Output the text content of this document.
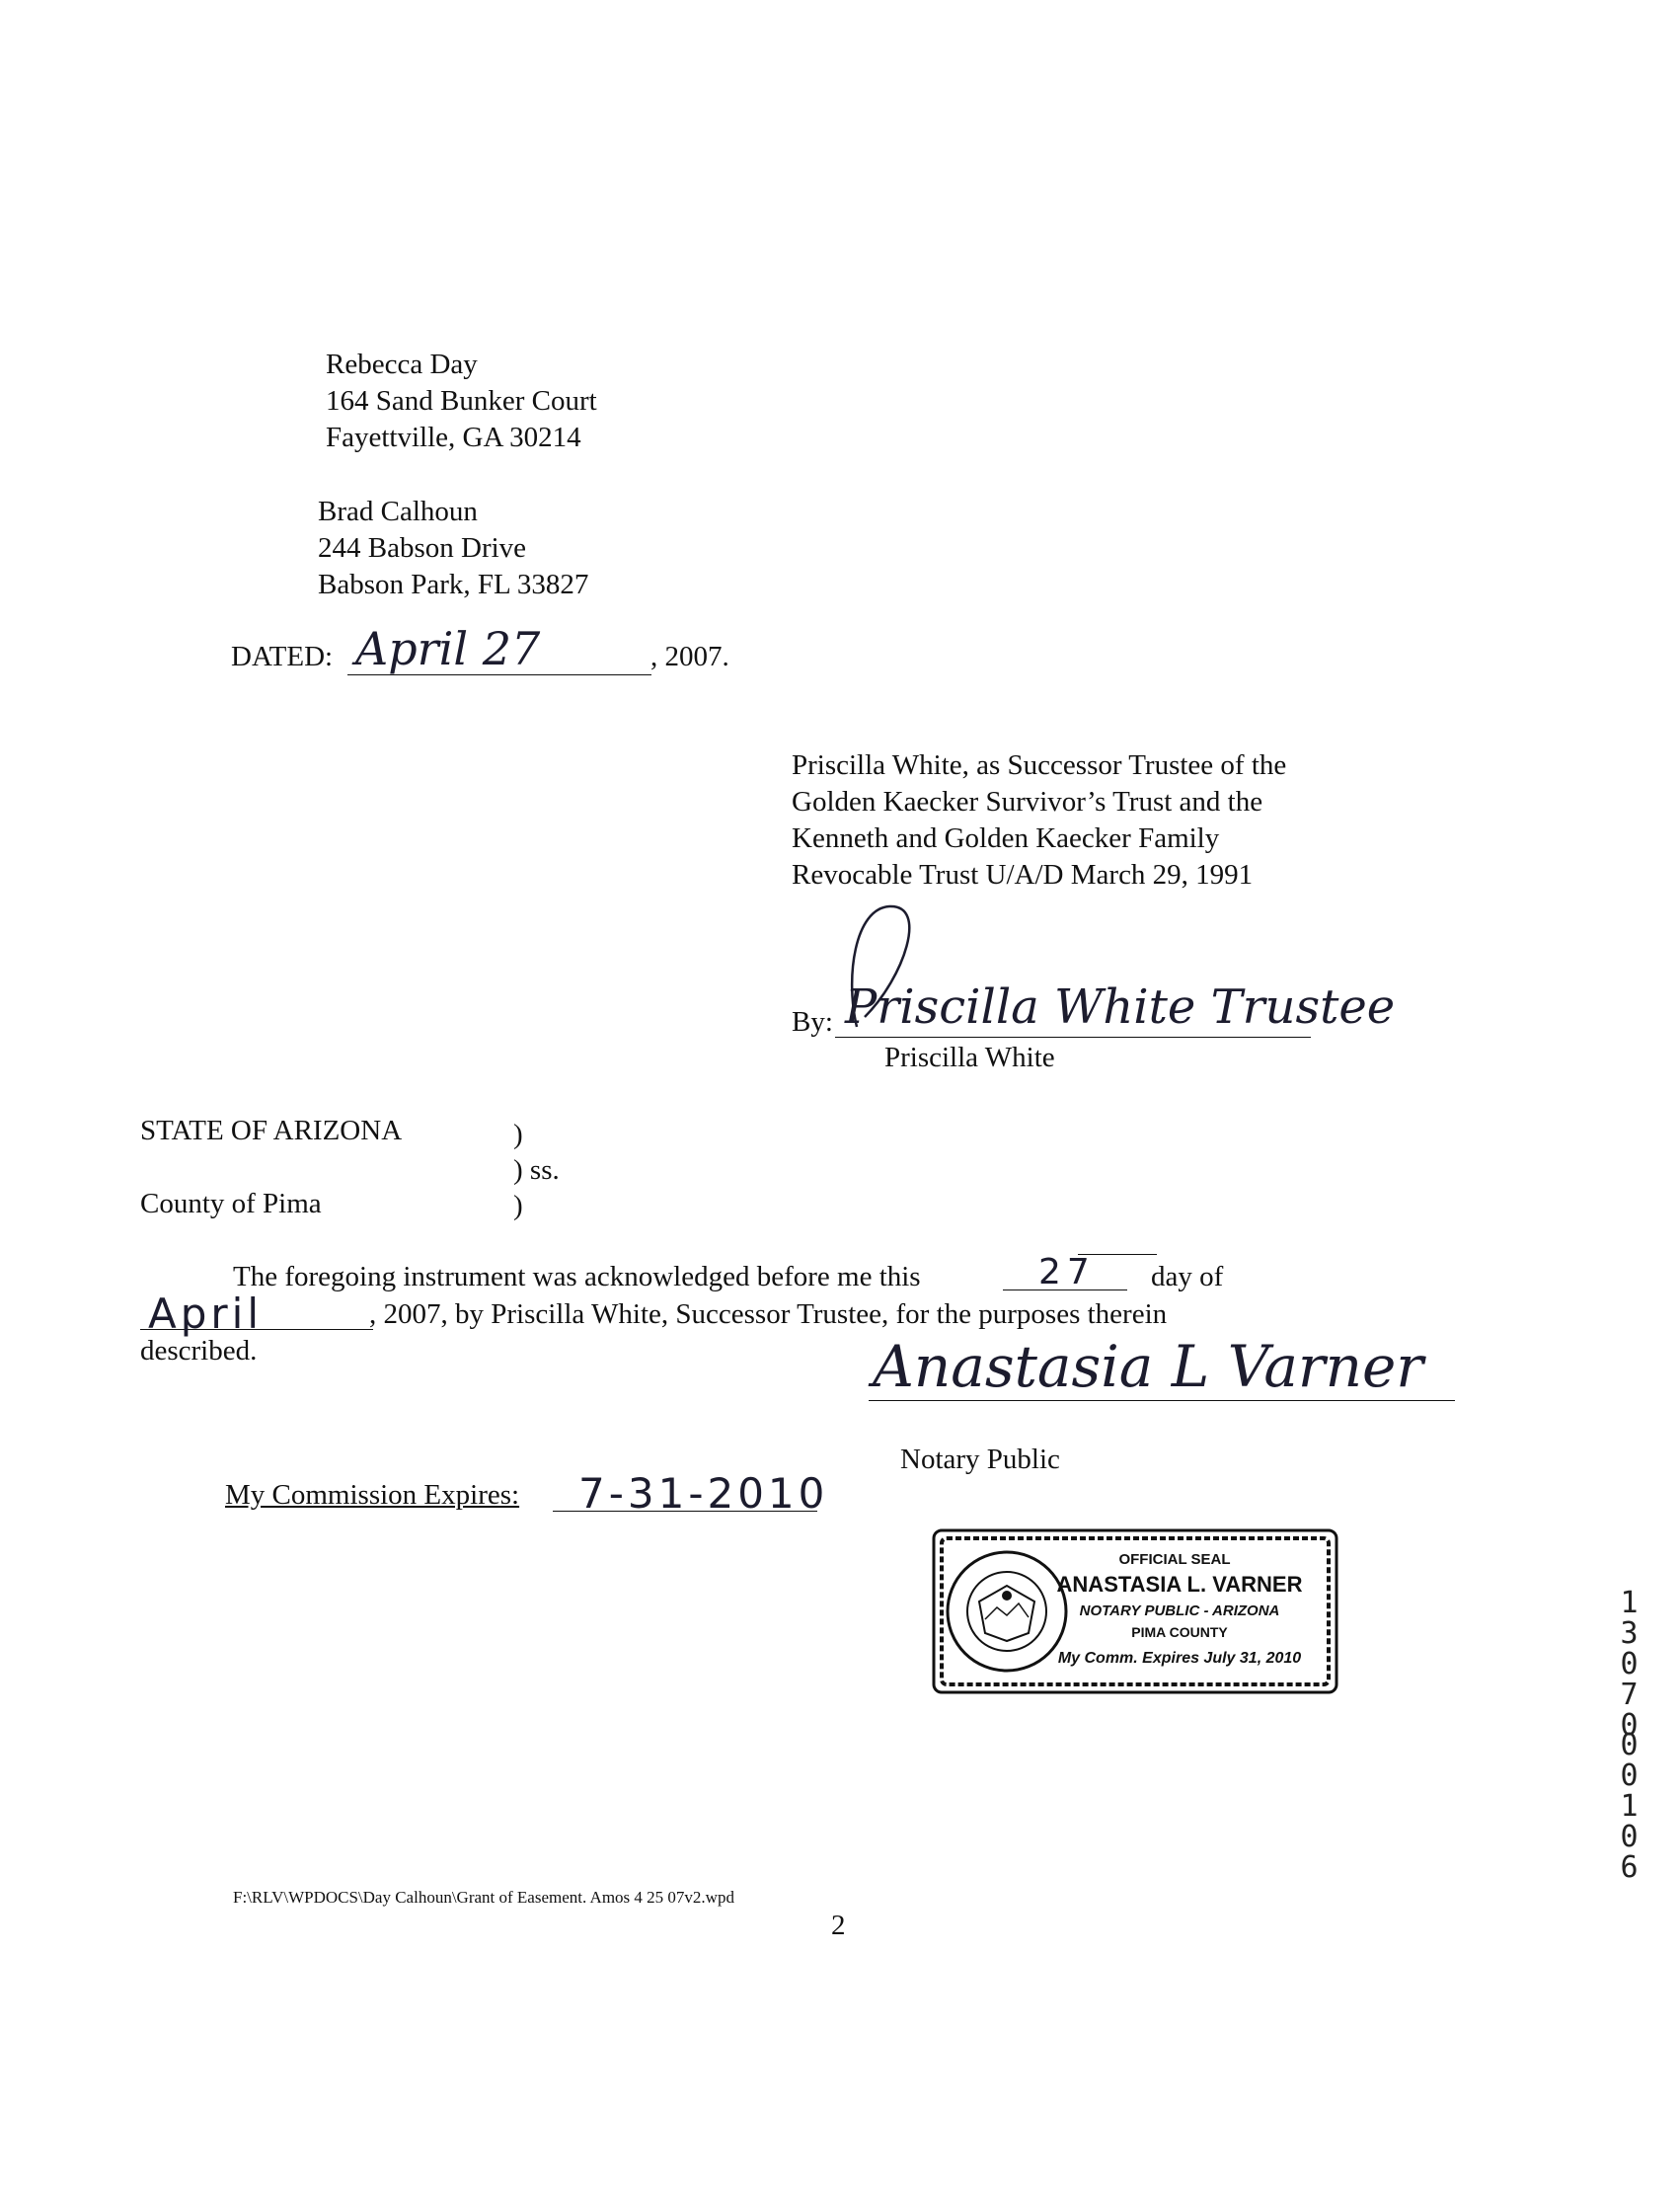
Rebecca Day
164 Sand Bunker Court
Fayettville, GA 30214
Brad Calhoun
244 Babson Drive
Babson Park, FL 33827
DATED: April 27	, 2007.
Priscilla White, as Successor Trustee of the
Golden Kaecker Survivor’s Trust and the
Kenneth and Golden Kaecker Family
Revocable Trust U/A/D March 29, 1991
By: Priscilla White Trustee
Priscilla White
STATE OF ARIZONA	)
) ss.
County of Pima	)
The foregoing instrument was acknowledged before me this	27 day of
April	, 2007, by Priscilla White, Successor Trustee, for the purposes therein
described.	Anastasia L Varner
Notary Public
My Commission Expires: 7-31-2010
OFFICIAL SEAL
ANASTASIA L. VARNER
NOTARY PUBLIC - ARIZONA
PIMA COUNTY
My Comm. Expires July 31, 2010	13070
00106
F:\RLV\WPDOCS\Day Calhoun\Grant of Easement. Amos 4 25 07v2.wpd
2
